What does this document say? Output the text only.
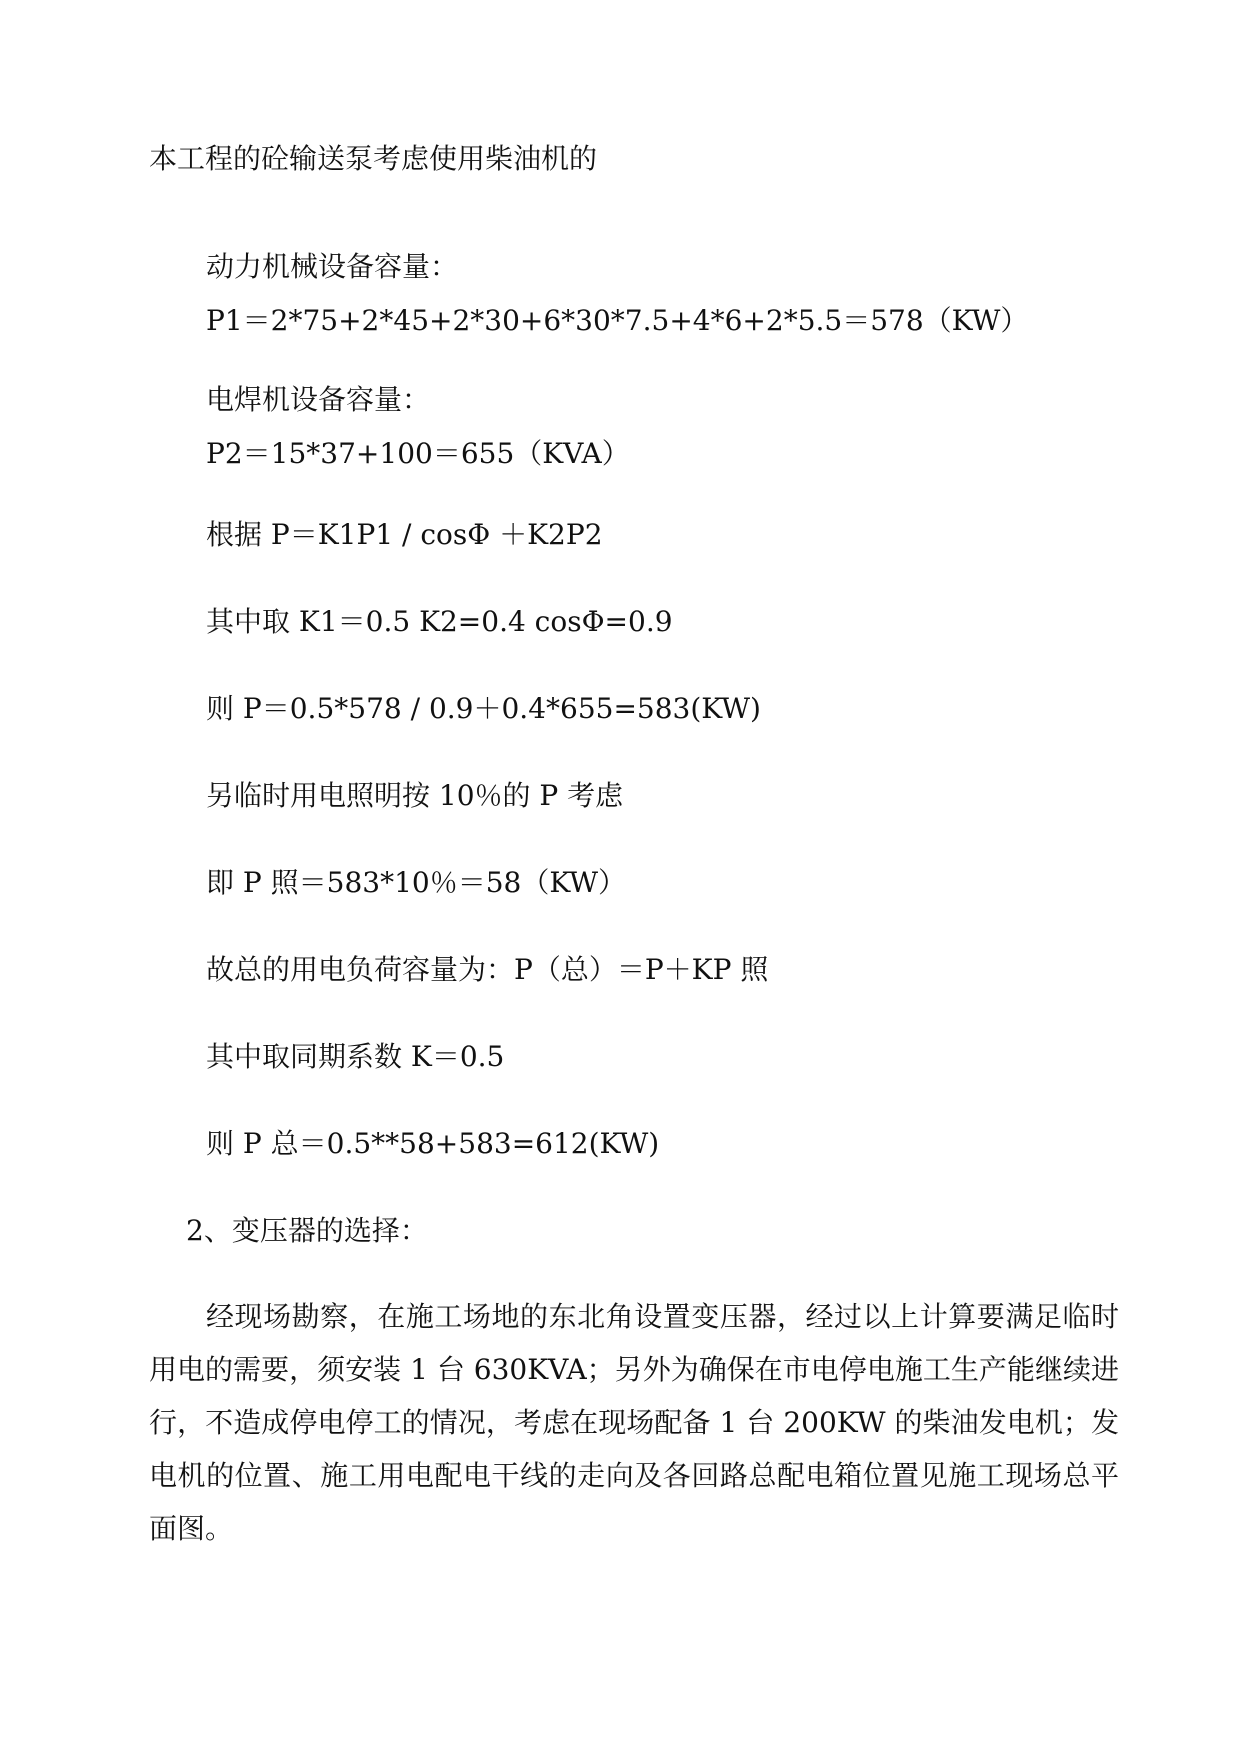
本工程的砼输送泵考虑使用柴油机的

动力机械设备容量：

P1＝2*75+2*45+2*30+6*30*7.5+4*6+2*5.5＝578（KW）

电焊机设备容量：

P2＝15*37+100＝655（KVA）

根据 P＝K1P1 / cosΦ ＋K2P2

其中取 K1＝0.5 K2=0.4 cosΦ=0.9

则 P＝0.5*578 / 0.9＋0.4*655=583(KW)

另临时用电照明按 10％的 P 考虑

即 P 照＝583*10％＝58（KW）

故总的用电负荷容量为：P（总）＝P＋KP 照

其中取同期系数 K＝0.5

则 P 总＝0.5**58+583=612(KW)

2、变压器的选择：

经现场勘察，在施工场地的东北角设置变压器，经过以上计算要满足临时用电的需要，须安装 1 台 630KVA；另外为确保在市电停电施工生产能继续进行，不造成停电停工的情况，考虑在现场配备 1 台 200KW 的柴油发电机；发电机的位置、施工用电配电干线的走向及各回路总配电箱位置见施工现场总平面图。
